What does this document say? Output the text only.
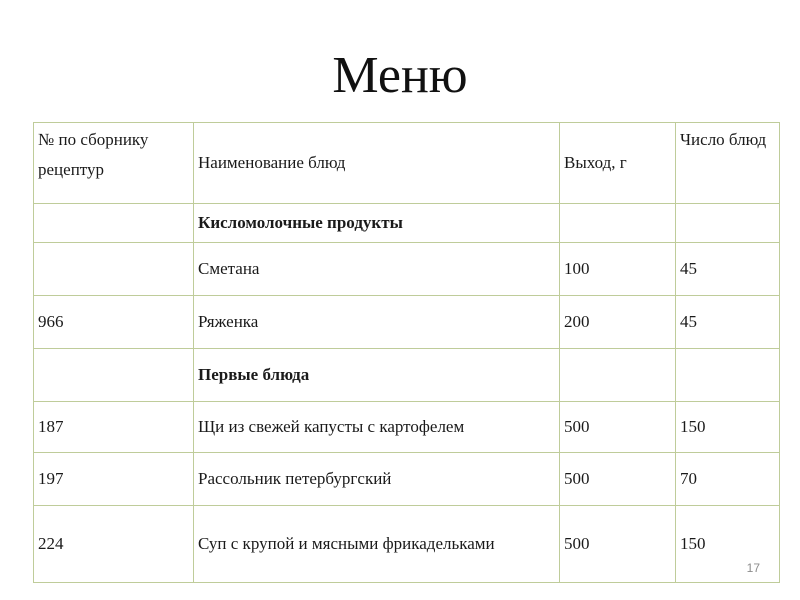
Меню
№ по сборнику рецептур	Наименование блюд	Выход, г	Число блюд
	Кисломолочные продукты		
	Сметана	100	45
966	Ряженка	200	45
	Первые блюда		
187	Щи из свежей капусты с картофелем	500	150
197	Рассольник петербургский	500	70
224	Суп с крупой и мясными фрикадельками	500	150
17
